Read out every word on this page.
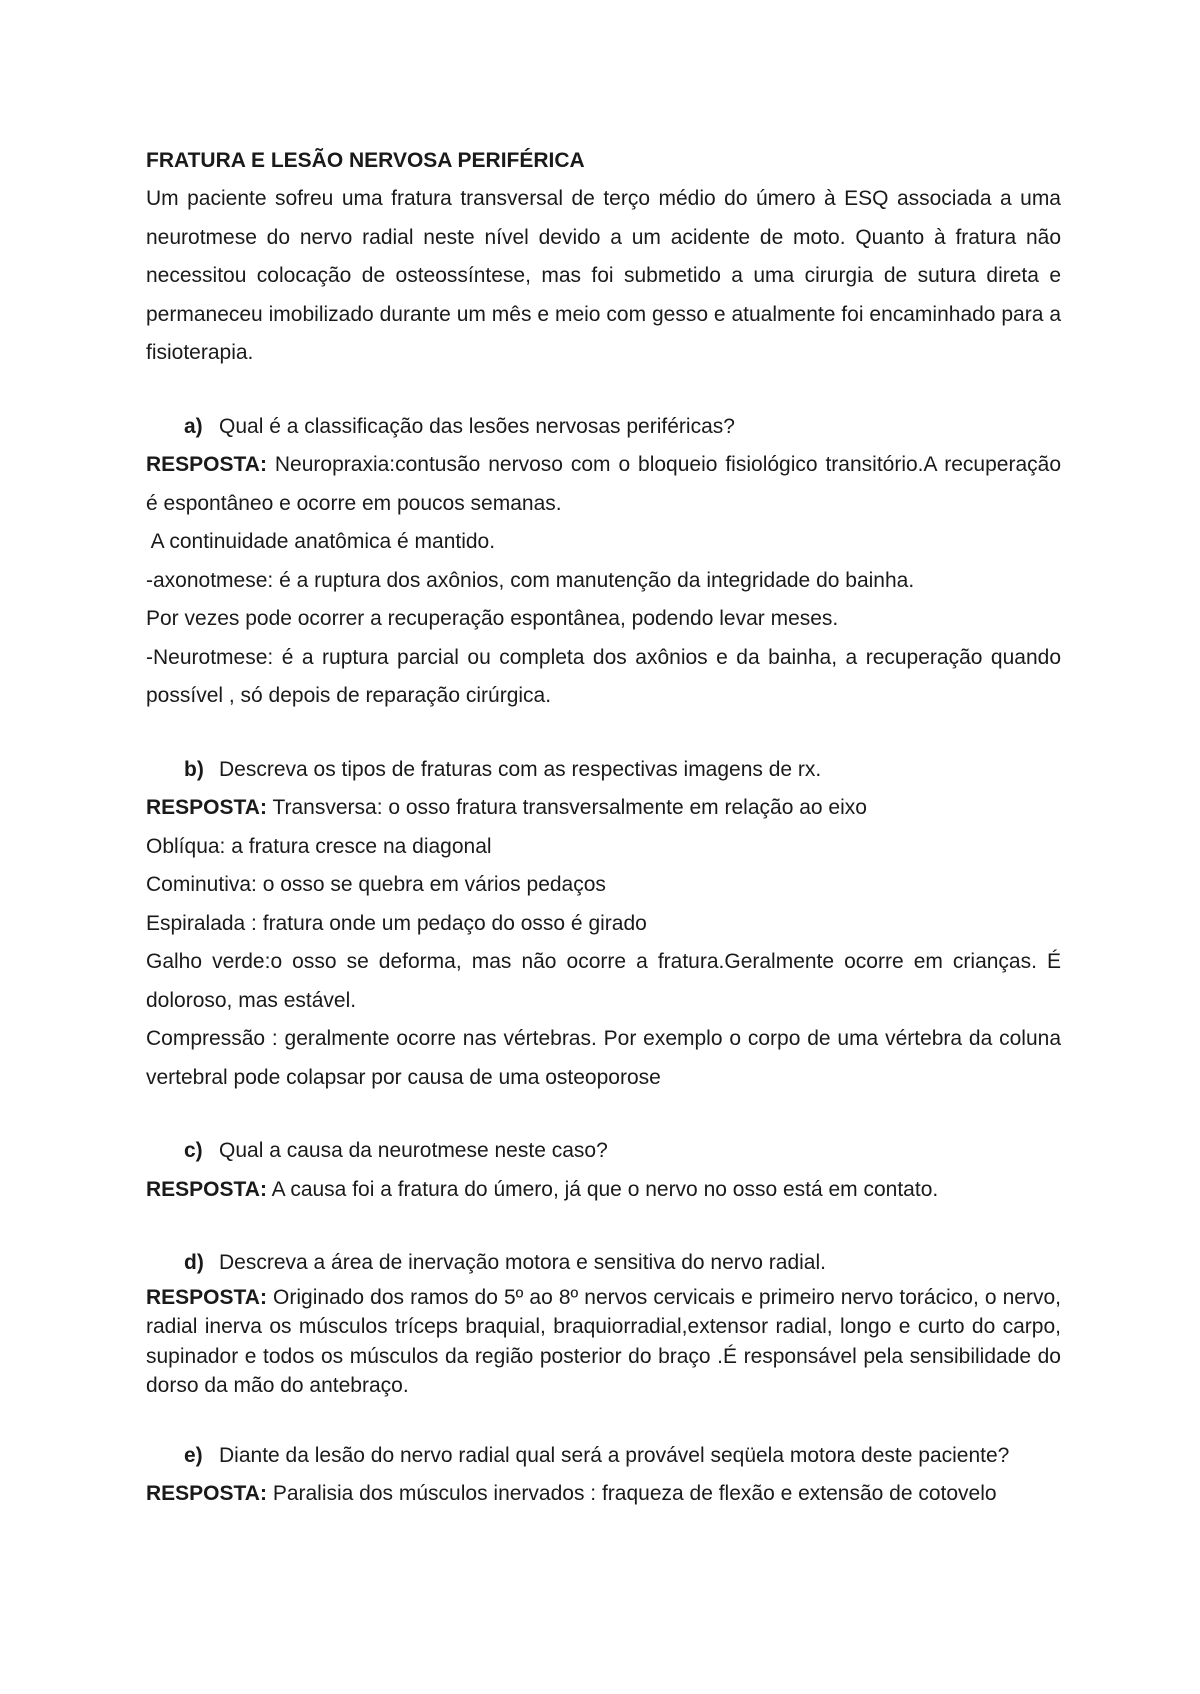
FRATURA E LESÃO NERVOSA PERIFÉRICA

Um paciente sofreu uma fratura transversal de terço médio do úmero à ESQ associada a uma neurotmese do nervo radial neste nível devido a um acidente de moto. Quanto à fratura não necessitou colocação de osteossíntese, mas foi submetido a uma cirurgia de sutura direta e permaneceu imobilizado durante um mês e meio com gesso e atualmente foi encaminhado para a fisioterapia.

a) Qual é a classificação das lesões nervosas periféricas?

RESPOSTA: Neuropraxia:contusão nervoso com o bloqueio fisiológico transitório.A recuperação é espontâneo e ocorre em poucos semanas.

A continuidade anatômica é mantido.

-axonotmese: é a ruptura dos axônios, com manutenção da integridade do bainha.

Por vezes pode ocorrer a recuperação espontânea, podendo levar meses.

-Neurotmese: é a ruptura parcial ou completa dos axônios e da bainha, a recuperação quando possível , só depois de reparação cirúrgica.

b) Descreva os tipos de fraturas com as respectivas imagens de rx.

RESPOSTA: Transversa: o osso fratura transversalmente em relação ao eixo

Oblíqua: a fratura cresce na diagonal

Cominutiva: o osso se quebra em vários pedaços

Espiralada : fratura onde um pedaço do osso é girado

Galho verde:o osso se deforma, mas não ocorre a fratura.Geralmente ocorre em crianças. É doloroso, mas estável.

Compressão : geralmente ocorre nas vértebras. Por exemplo o corpo de uma vértebra da coluna vertebral pode colapsar por causa de uma osteoporose

c) Qual a causa da neurotmese neste caso?

RESPOSTA: A causa foi a fratura do úmero, já que o nervo no osso está em contato.

d) Descreva a área de inervação motora e sensitiva do nervo radial.

RESPOSTA: Originado dos ramos do 5º ao 8º nervos cervicais e primeiro nervo torácico, o nervo, radial inerva os músculos tríceps braquial, braquiorradial,extensor radial, longo e curto do carpo, supinador e todos os músculos da região posterior do braço .É responsável pela sensibilidade do dorso da mão do antebraço.

e) Diante da lesão do nervo radial qual será a provável seqüela motora deste paciente?

RESPOSTA: Paralisia dos músculos inervados : fraqueza de flexão e extensão de cotovelo
